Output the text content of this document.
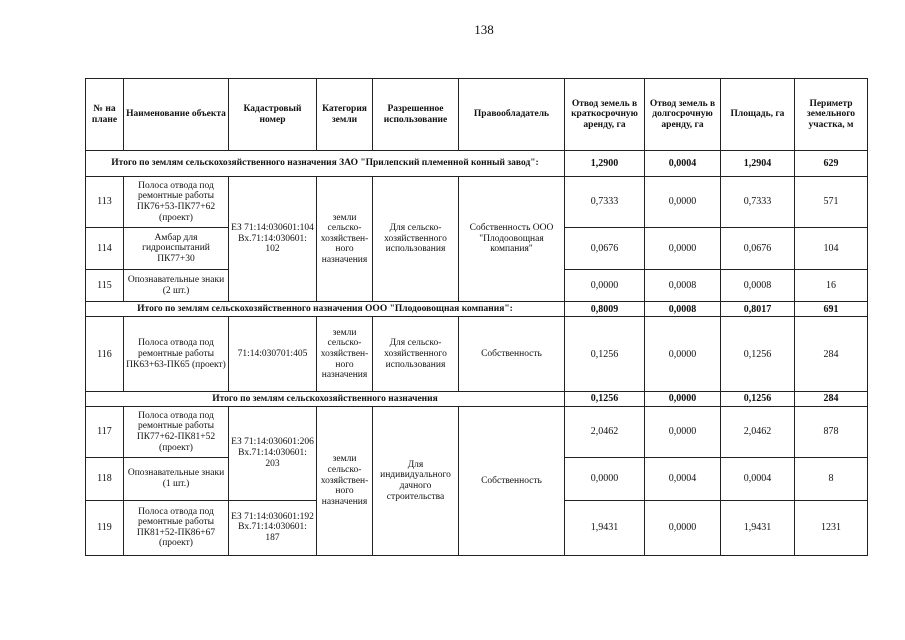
138
№ на плане	Наименование объекта	Кадастровый номер	Категория земли	Разрешенное использование	Правообладатель	Отвод земель в краткосрочную аренду, га	Отвод земель в долгосрочную аренду, га	Площадь, га	Периметр земельного участка, м
Итого по землям сельскохозяйственного назначения ЗАО "Прилепский племенной конный завод":						1,2900	0,0004	1,2904	629
113	Полоса отвода под ремонтные работы ПК76+53-ПК77+62 (проект)	ЕЗ 71:14:030601:104 Вх.71:14:030601: 102	земли сельско-хозяйствен-ного назначения	Для сельско-хозяйственного использования	Собственность ООО "Плодоовощная компания"	0,7333	0,0000	0,7333	571
114	Амбар для гидроиспытаний ПК77+30					0,0676	0,0000	0,0676	104
115	Опознавательные знаки (2 шт.)					0,0000	0,0008	0,0008	16
Итого по землям сельскохозяйственного назначения ООО "Плодоовощная компания":						0,8009	0,0008	0,8017	691
116	Полоса отвода под ремонтные работы ПК63+63-ПК65 (проект)	71:14:030701:405	земли сельско-хозяйствен-ного назначения	Для сельско-хозяйственного использования	Собственность	0,1256	0,0000	0,1256	284
Итого по землям сельскохозяйственного назначения						0,1256	0,0000	0,1256	284
117	Полоса отвода под ремонтные работы ПК77+62-ПК81+52 (проект)	ЕЗ 71:14:030601:206 Вх.71:14:030601: 203	земли сельско-хозяйствен-ного назначения	Для индивидуального дачного строительства	Собственность	2,0462	0,0000	2,0462	878
118	Опознавательные знаки (1 шт.)					0,0000	0,0004	0,0004	8
119	Полоса отвода под ремонтные работы ПК81+52-ПК86+67 (проект)	ЕЗ 71:14:030601:192 Вх.71:14:030601: 187				1,9431	0,0000	1,9431	1231
